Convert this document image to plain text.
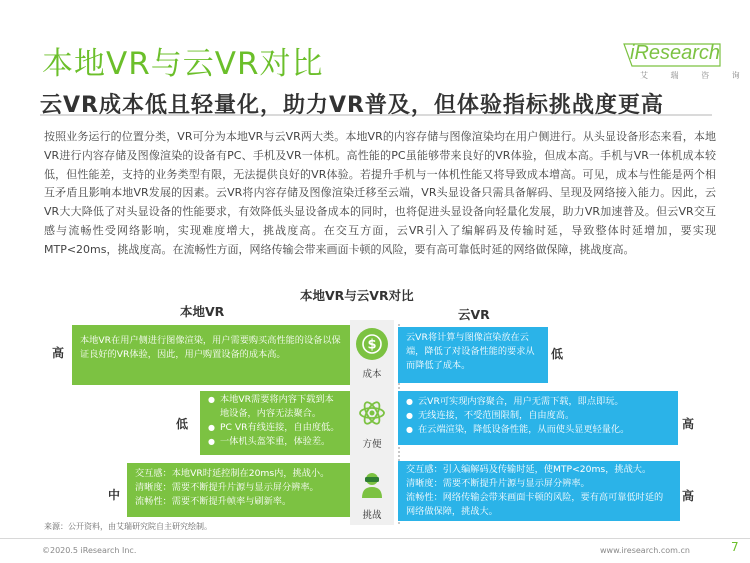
本地VR与云VR对比	iResearch
艾 瑞 咨 询
云VR成本低且轻量化，助力VR普及，但体验指标挑战度更高
按照业务运行的位置分类，VR可分为本地VR与云VR两大类。本地VR的内容存储与图像渲染均在用户侧进行。从头显设备形态来看，本地VR进行内容存储及图像渲染的设备有PC、手机及VR一体机。高性能的PC虽能够带来良好的VR体验，但成本高。手机与VR一体机成本较低，但性能差，支持的业务类型有限，无法提供良好的VR体验。若提升手机与一体机性能又将导致成本增高。可见，成本与性能是两个相互矛盾且影响本地VR发展的因素。云VR将内容存储及图像渲染迁移至云端，VR头显设备只需具备解码、呈现及网络接入能力。因此，云VR大大降低了对头显设备的性能要求，有效降低头显设备成本的同时，也将促进头显设备向轻量化发展，助力VR加速普及。但云VR交互感与流畅性受网络影响，实现难度增大，挑战度高。在交互方面，云VR引入了编解码及传输时延，导致整体时延增加，要实现MTP<20ms，挑战度高。在流畅性方面，网络传输会带来画面卡顿的风险，要有高可靠低时延的网络做保障，挑战度高。
本地VR与云VR对比
本地VR	云VR
高
本地VR在用户侧进行图像渲染，用户需要购买高性能的设备以保证良好的VR体验，因此，用户购置设备的成本高。
$
成本
云VR将计算与图像渲染放在云端，降低了对设备性能的要求从而降低了成本。
低
低
● 本地VR需要将内容下载到本地设备，内容无法聚合。
● PC VR有线连接，自由度低。
● 一体机头盔笨重，体验差。	方便
● 云VR可实现内容聚合，用户无需下载，即点即玩。
● 无线连接，不受范围限制，自由度高。
● 在云端渲染，降低设备性能，从而使头显更轻量化。	高
中
交互感：本地VR时延控制在20ms内，挑战小。
清晰度：需要不断提升片源与显示屏分辨率。
流畅性：需要不断提升帧率与刷新率。
挑战
交互感：引入编解码及传输时延，使MTP<20ms，挑战大。
清晰度：需要不断提升片源与显示屏分辨率。
流畅性：网络传输会带来画面卡顿的风险，要有高可靠低时延的网络做保障，挑战大。
高
来源：公开资料，由艾瑞研究院自主研究绘制。
©2020.5 iResearch Inc.	www.iresearch.com.cn	7
